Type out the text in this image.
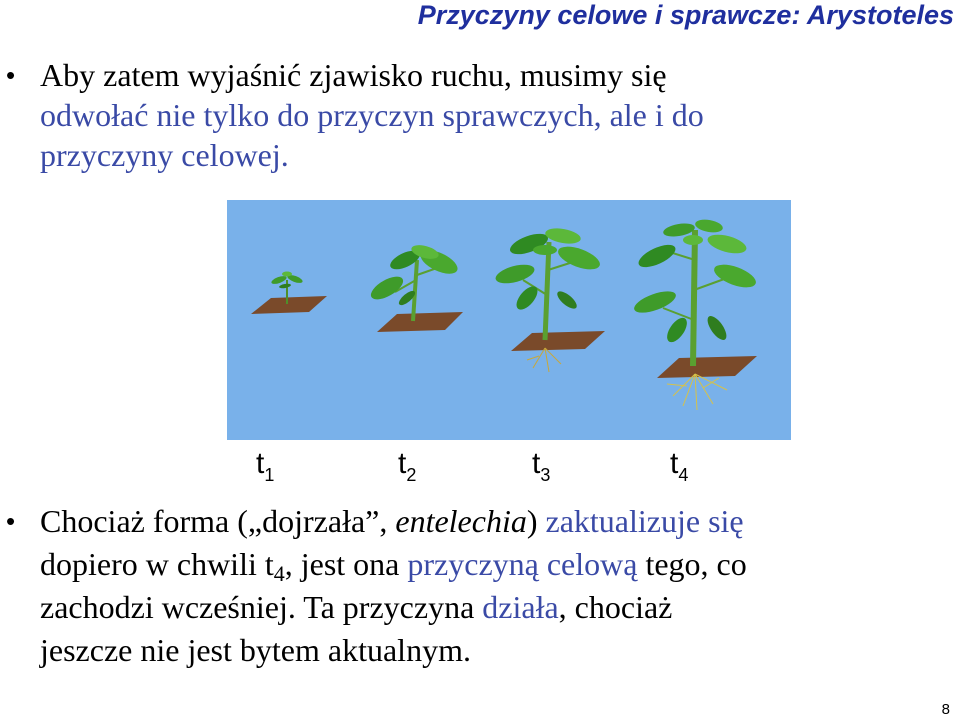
Przyczyny celowe i sprawcze: Arystoteles
• Aby zatem wyjaśnić zjawisko ruchu, musimy się
odwołać nie tylko do przyczyn sprawczych, ale i do
przyczyny celowej.
$t_1$	$t_2$	$t_3$	$t_4$
• Chociaż forma („dojrzała”, entelechia) zaktualizuje się
dopiero w chwili $t_4$, jest ona przyczyną celową tego, co
zachodzi wcześniej. Ta przyczyna działa, chociaż
jeszcze nie jest bytem aktualnym.
8
